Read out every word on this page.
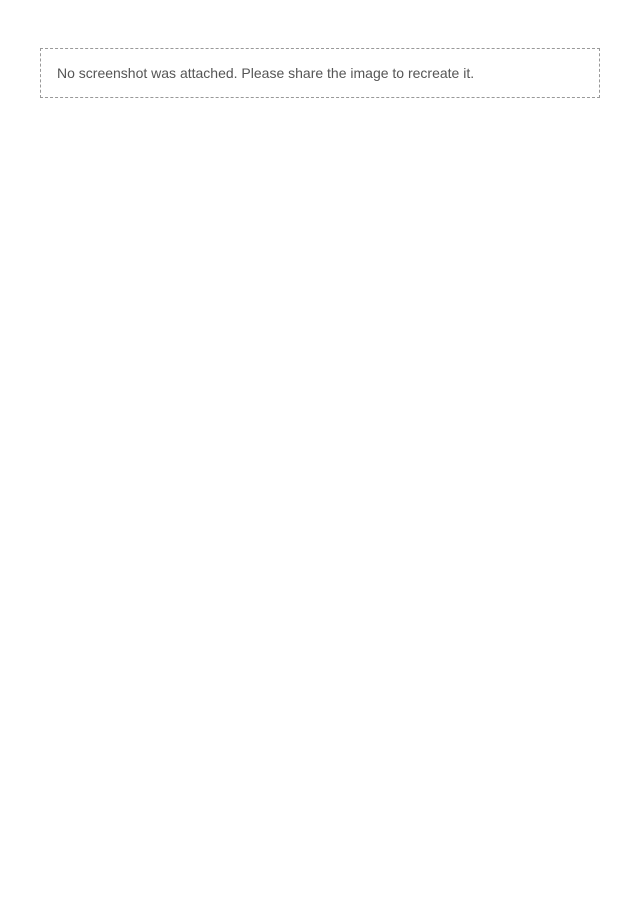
No screenshot was attached. Please share the image to recreate it.
